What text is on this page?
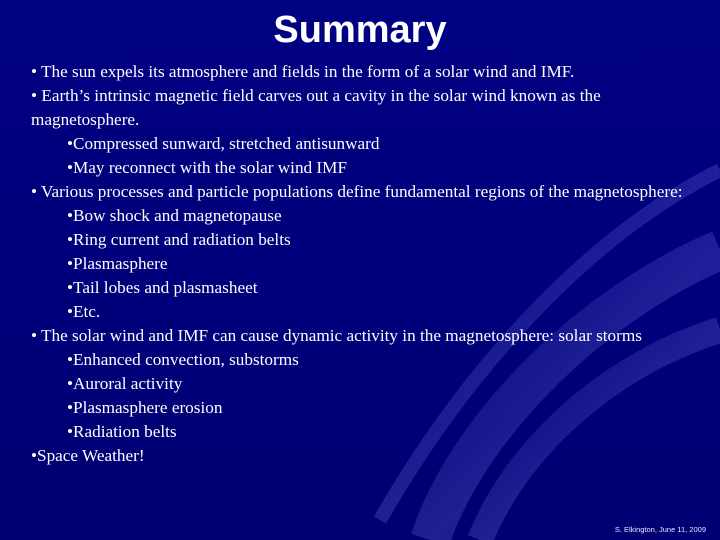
Summary

• The sun expels its atmosphere and fields in the form of a solar wind and IMF.

• Earth’s intrinsic magnetic field carves out a cavity in the solar wind known as the magnetosphere.

•Compressed sunward, stretched antisunward

•May reconnect with the solar wind IMF

• Various processes and particle populations define fundamental regions of the magnetosphere:

•Bow shock and magnetopause

•Ring current and radiation belts

•Plasmasphere

•Tail lobes and plasmasheet

•Etc.

• The solar wind and IMF can cause dynamic activity in the magnetosphere: solar storms

•Enhanced convection, substorms

•Auroral activity

•Plasmasphere erosion

•Radiation belts

•Space Weather!

S. Elkington, June 11, 2009
